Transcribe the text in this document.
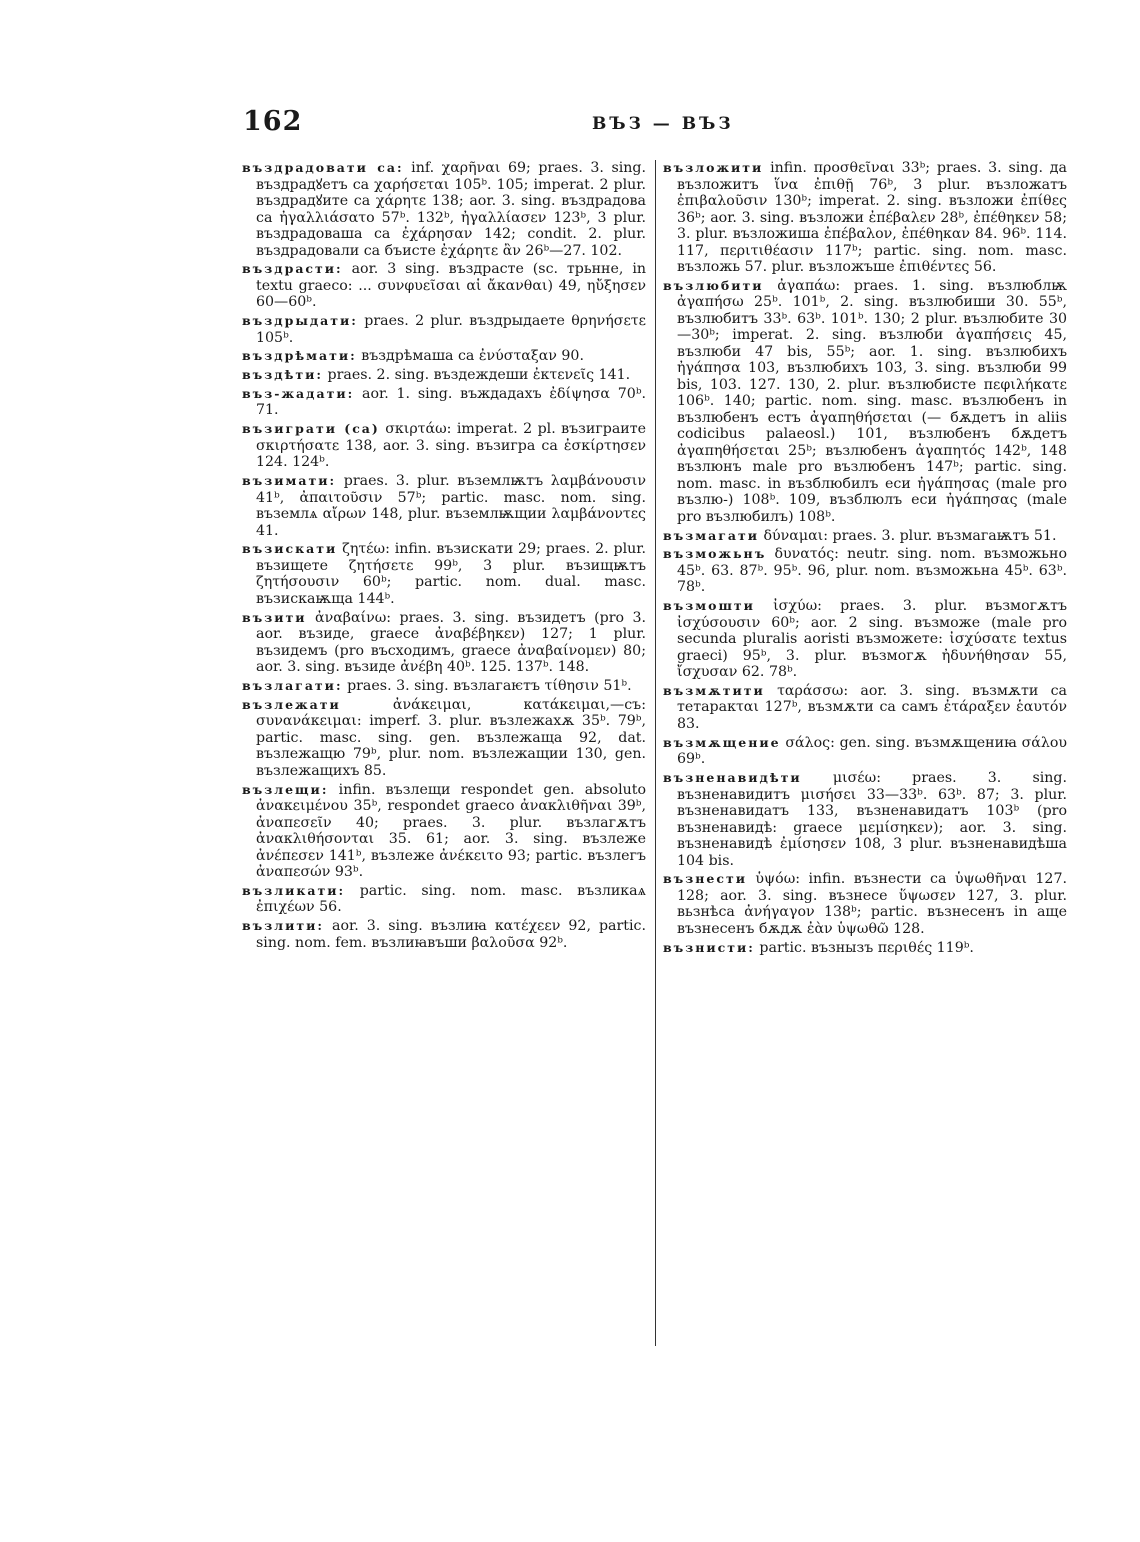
162	ВЪЗ — ВЪЗ

въздрадовати са: inf. χαρῆναι 69; praes. 3. sing. въздрадꙋетъ са χαρήσεται 105ᵇ. 105; imperat. 2 plur. въздрадꙋите са χάρητε 138; aor. 3. sing. въздрадова са ἠγαλλιάσατο 57ᵇ. 132ᵇ, ἠγαλλίασεν 123ᵇ, 3 plur. въздрадоваша са ἐχάρησαν 142; condit. 2. plur. въздрадовали са бъисте ἐχάρητε ἂν 26ᵇ—27. 102.

въздрасти: aor. 3 sing. въздрасте (sc. трьнне, in textu graeco: ... συνφυεῖσαι αἱ ἄκανθαι) 49, ηὔξησεν 60—60ᵇ.

въздрыдати: praes. 2 plur. въздрыдаете θρηνήσετε 105ᵇ.

въздрѣмати: въздрѣмаша са ἐνύσταξαν 90.

въздѣти: praes. 2. sing. въздеждеши ἐκτενεῖς 141.

въз-жадати: aor. 1. sing. въждадахъ ἐδίψησα 70ᵇ. 71.

възиграти (са) σκιρτάω: imperat. 2 pl. възиграите σκιρτήσατε 138, aor. 3. sing. възигра са ἐσκίρτησεν 124. 124ᵇ.

възимати: praes. 3. plur. въземлѭтъ λαμβάνουσιν 41ᵇ, ἀπαιτοῦσιν 57ᵇ; partic. masc. nom. sing. въземлѧ αἴρων 148, plur. въземлѭщии λαμβάνοντες 41.

възискати ζητέω: infin. възискати 29; praes. 2. plur. възищете ζητήσετε 99ᵇ, 3 plur. възищѭтъ ζητήσουσιν 60ᵇ; partic. nom. dual. masc. възискаѭща 144ᵇ.

възити ἀναβαίνω: praes. 3. sing. възидетъ (pro 3. aor. възиде, graece ἀναβέβηκεν) 127; 1 plur. възидемъ (pro въсходимъ, graece ἀναβαίνομεν) 80; aor. 3. sing. възиде ἀνέβη 40ᵇ. 125. 137ᵇ. 148.

възлагати: praes. 3. sing. възлагаѥтъ τίθησιν 51ᵇ.

възлежати ἀνάκειμαι, κατάκειμαι,—съ: συνανάκειμαι: imperf. 3. plur. възлежахѫ 35ᵇ. 79ᵇ, partic. masc. sing. gen. възлежаща 92, dat. възлежащю 79ᵇ, plur. nom. възлежащии 130, gen. възлежащихъ 85.

възлещи: infin. възлещи respondet gen. absoluto ἀνακειμένου 35ᵇ, respondet graeco ἀνακλιθῆναι 39ᵇ, ἀναπεσεῖν 40; praes. 3. plur. възлагѫтъ ἀνακλιθήσονται 35. 61; aor. 3. sing. възлеже ἀνέπεσεν 141ᵇ, възлеже ἀνέκειτο 93; partic. възлегъ ἀναπεσών 93ᵇ.

възликати: partic. sing. nom. masc. възликаѧ ἐπιχέων 56.

възлити: aor. 3. sing. възлиꙗ κατέχεεν 92, partic. sing. nom. fem. възлиꙗвъши βαλοῦσα 92ᵇ.

възложити infin. προσθεῖναι 33ᵇ; praes. 3. sing. да възложитъ ἵνα ἐπιθῇ 76ᵇ, 3 plur. възложатъ ἐπιβαλοῦσιν 130ᵇ; imperat. 2. sing. възложи ἐπίθες 36ᵇ; aor. 3. sing. възложи ἐπέβαλεν 28ᵇ, ἐπέθηκεν 58; 3. plur. възложиша ἐπέβαλον, ἐπέθηκαν 84. 96ᵇ. 114. 117, περιτιθέασιν 117ᵇ; partic. sing. nom. masc. възложь 57. plur. възложъше ἐπιθέντες 56.

възлюбити ἀγαπάω: praes. 1. sing. възлюблѭ ἀγαπήσω 25ᵇ. 101ᵇ, 2. sing. възлюбиши 30. 55ᵇ, възлюбитъ 33ᵇ. 63ᵇ. 101ᵇ. 130; 2 plur. възлюбите 30—30ᵇ; imperat. 2. sing. възлюби ἀγαπήσεις 45, възлюби 47 bis, 55ᵇ; aor. 1. sing. възлюбихъ ἠγάπησα 103, възлюбихъ 103, 3. sing. възлюби 99 bis, 103. 127. 130, 2. plur. възлюбисте πεφιλήκατε 106ᵇ. 140; partic. nom. sing. masc. възлюбенъ in възлюбенъ естъ ἀγαπηθήσεται (— бѫдетъ in aliis codicibus palaeosl.) 101, възлюбенъ бѫдетъ ἀγαπηθήσεται 25ᵇ; възлюбенъ ἀγαπητός 142ᵇ, 148 възлюнъ male pro възлюбенъ 147ᵇ; partic. sing. nom. masc. in възблюбилъ еси ἠγάπησας (male pro възлю-) 108ᵇ. 109, възблюлъ еси ἠγάπησας (male pro възлюбилъ) 108ᵇ.

възмагати δύναμαι: praes. 3. plur. възмагаѭтъ 51.

възможьнъ δυνατός: neutr. sing. nom. възможьно 45ᵇ. 63. 87ᵇ. 95ᵇ. 96, plur. nom. възможьна 45ᵇ. 63ᵇ. 78ᵇ.

възмошти ἰσχύω: praes. 3. plur. възмогѫтъ ἰσχύσουσιν 60ᵇ; aor. 2 sing. възможе (male pro secunda pluralis aoristi възможете: ἰσχύσατε textus graeci) 95ᵇ, 3. plur. възмогѫ ἠδυνήθησαν 55, ἴσχυσαν 62. 78ᵇ.

възмѫтити ταράσσω: aor. 3. sing. възмѫти са тетаракται 127ᵇ, възмѫти са самъ ἐτάραξεν ἑαυτόν 83.

възмѫщение σάλος: gen. sing. възмѫщениꙗ σάλου 69ᵇ.

възненавидѣти μισέω: praes. 3. sing. възненавидитъ μισήσει 33—33ᵇ. 63ᵇ. 87; 3. plur. възненавидатъ 133, възненавидатъ 103ᵇ (pro възненавидѣ: graece μεμίσηκεν); aor. 3. sing. възненавидѣ ἐμίσησεν 108, 3 plur. възненавидѣша 104 bis.

възнести ὑψόω: infin. възнести са ὑψωθῆναι 127. 128; aor. 3. sing. възнесе ὕψωσεν 127, 3. plur. вьзнѣса ἀνήγαγον 138ᵇ; partic. възнесенъ in аще възнесенъ бѫдѫ ἐὰν ὑψωθῶ 128.

възнисти: partic. възнызъ περιθές 119ᵇ.
